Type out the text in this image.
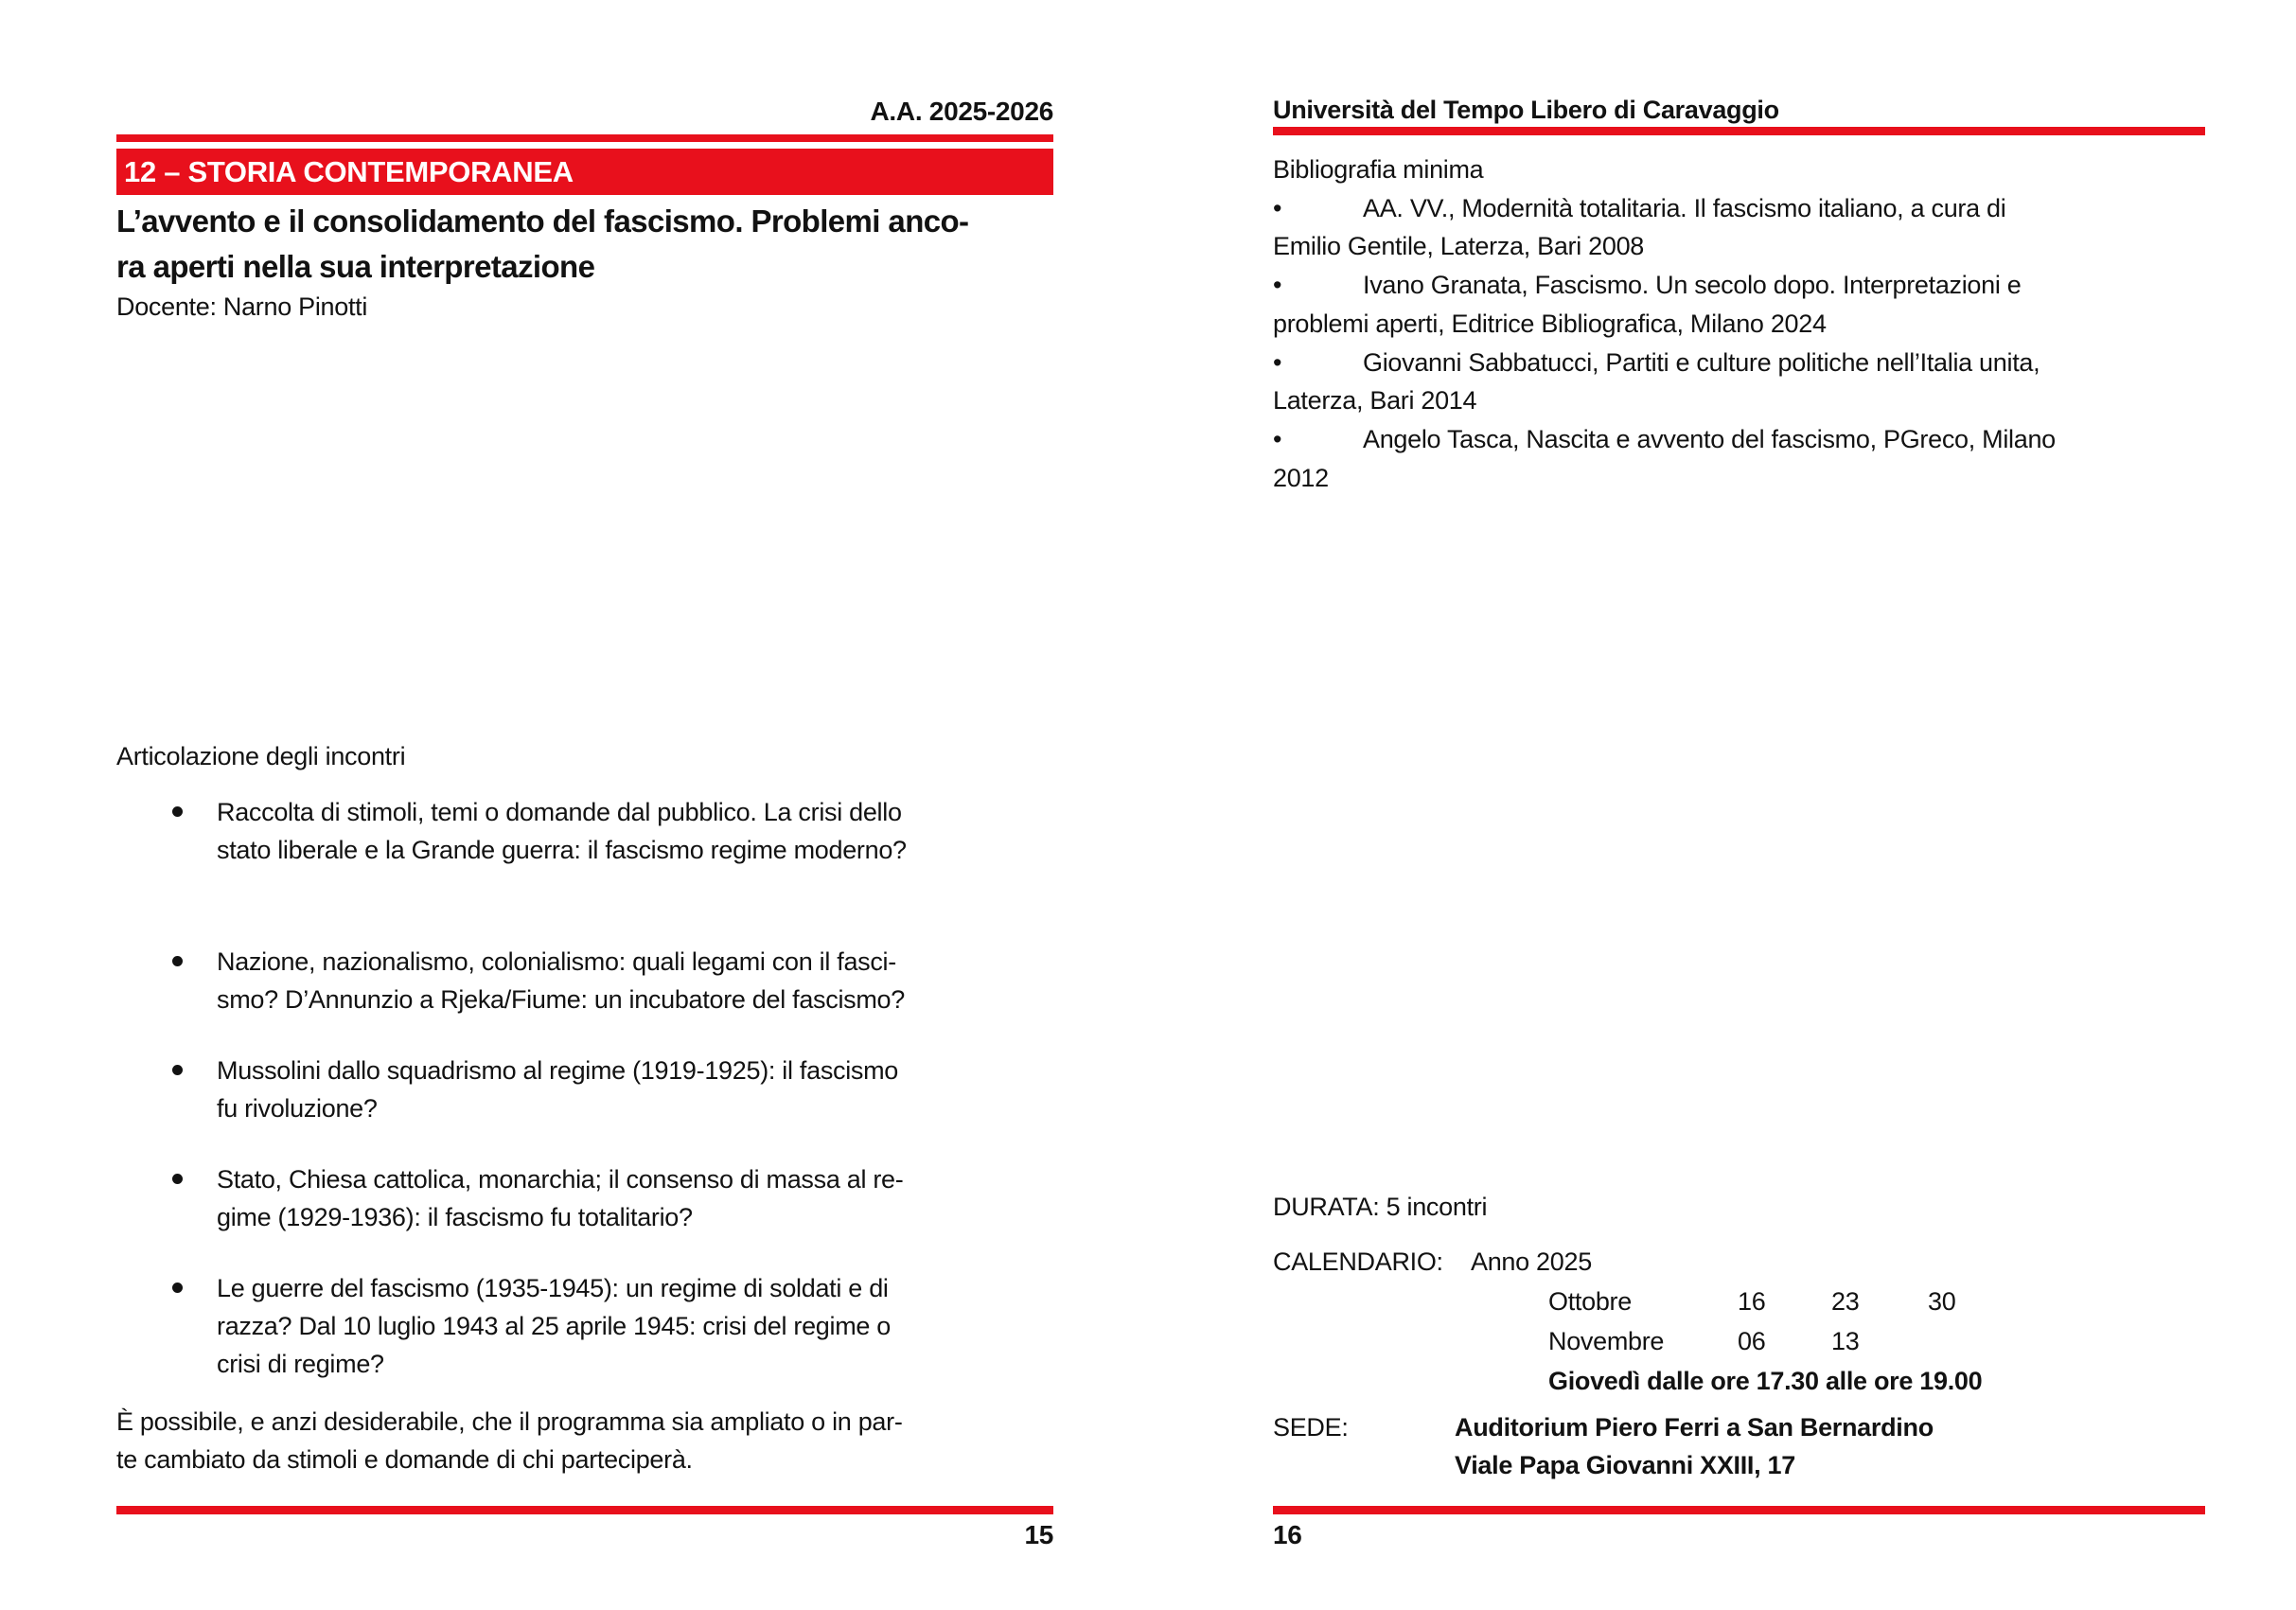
A.A. 2025-2026
12 – STORIA CONTEMPORANEA
L’avvento e il consolidamento del fascismo. Problemi anco-
ra aperti nella sua interpretazione
Docente: Narno Pinotti
Articolazione degli incontri
Raccolta di stimoli, temi o domande dal pubblico. La crisi dello
stato liberale e la Grande guerra: il fascismo regime moderno?
Nazione, nazionalismo, colonialismo: quali legami con il fasci-
smo? D’Annunzio a Rjeka/Fiume: un incubatore del fascismo?
Mussolini dallo squadrismo al regime (1919-1925): il fascismo
fu rivoluzione?
Stato, Chiesa cattolica, monarchia; il consenso di massa al re-
gime (1929-1936): il fascismo fu totalitario?
Le guerre del fascismo (1935-1945): un regime di soldati e di
razza? Dal 10 luglio 1943 al 25 aprile 1945: crisi del regime o
crisi di regime?
È possibile, e anzi desiderabile, che il programma sia ampliato o in par-
te cambiato da stimoli e domande di chi parteciperà.
15
Università del Tempo Libero di Caravaggio
Bibliografia minima
•	AA. VV., Modernità totalitaria. Il fascismo italiano, a cura di
Emilio Gentile, Laterza, Bari 2008
•	Ivano Granata, Fascismo. Un secolo dopo. Interpretazioni e
problemi aperti, Editrice Bibliografica, Milano 2024
•	Giovanni Sabbatucci, Partiti e culture politiche nell’Italia unita,
Laterza, Bari 2014
•	Angelo Tasca, Nascita e avvento del fascismo, PGreco, Milano
2012
DURATA: 5 incontri
CALENDARIO: Anno 2025
Ottobre	16	23	30
Novembre	06	13
Giovedì dalle ore 17.30 alle ore 19.00
SEDE:	Auditorium Piero Ferri a San Bernardino
Viale Papa Giovanni XXIII, 17
16
